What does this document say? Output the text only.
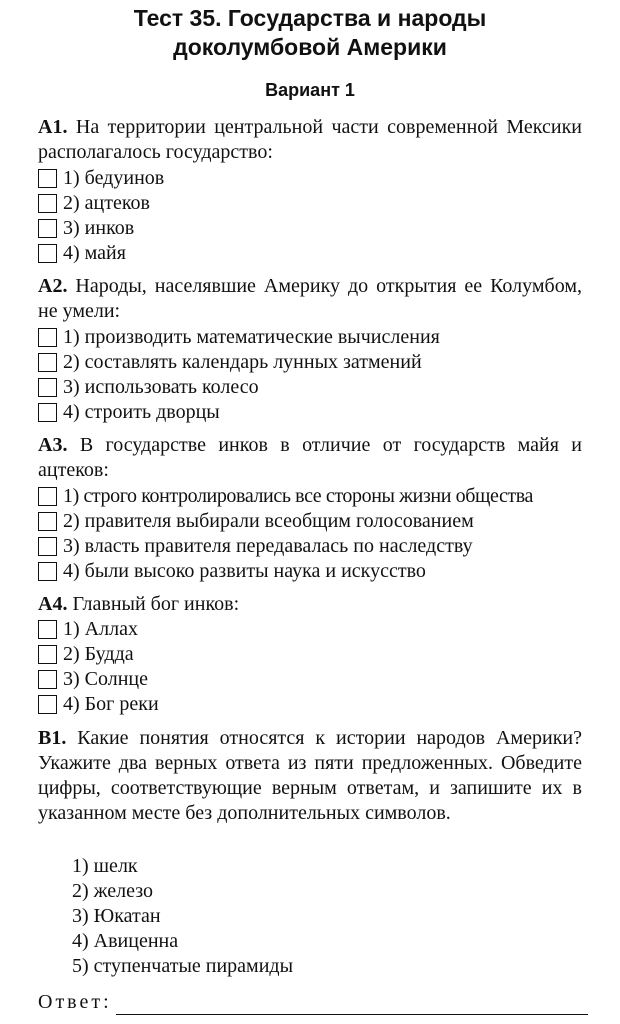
Тест 35. Государства и народы
доколумбовой Америки
Вариант 1
А1. На территории центральной части современной Мексики располагалось государство:
1) бедуинов
2) ацтеков
3) инков
4) майя
А2. Народы, населявшие Америку до открытия ее Колумбом, не умели:
1) производить математические вычисления
2) составлять календарь лунных затмений
3) использовать колесо
4) строить дворцы
А3. В государстве инков в отличие от государств майя и ацтеков:
1) строго контролировались все стороны жизни общества
2) правителя выбирали всеобщим голосованием
3) власть правителя передавалась по наследству
4) были высоко развиты наука и искусство
А4. Главный бог инков:
1) Аллах
2) Будда
3) Солнце
4) Бог реки
В1. Какие понятия относятся к истории народов Америки? Укажите два верных ответа из пяти предложенных. Обведите цифры, соответствующие верным ответам, и запишите их в указанном месте без дополнительных символов.
1) шелк
2) железо
3) Юкатан
4) Авиценна
5) ступенчатые пирамиды
Ответ:
